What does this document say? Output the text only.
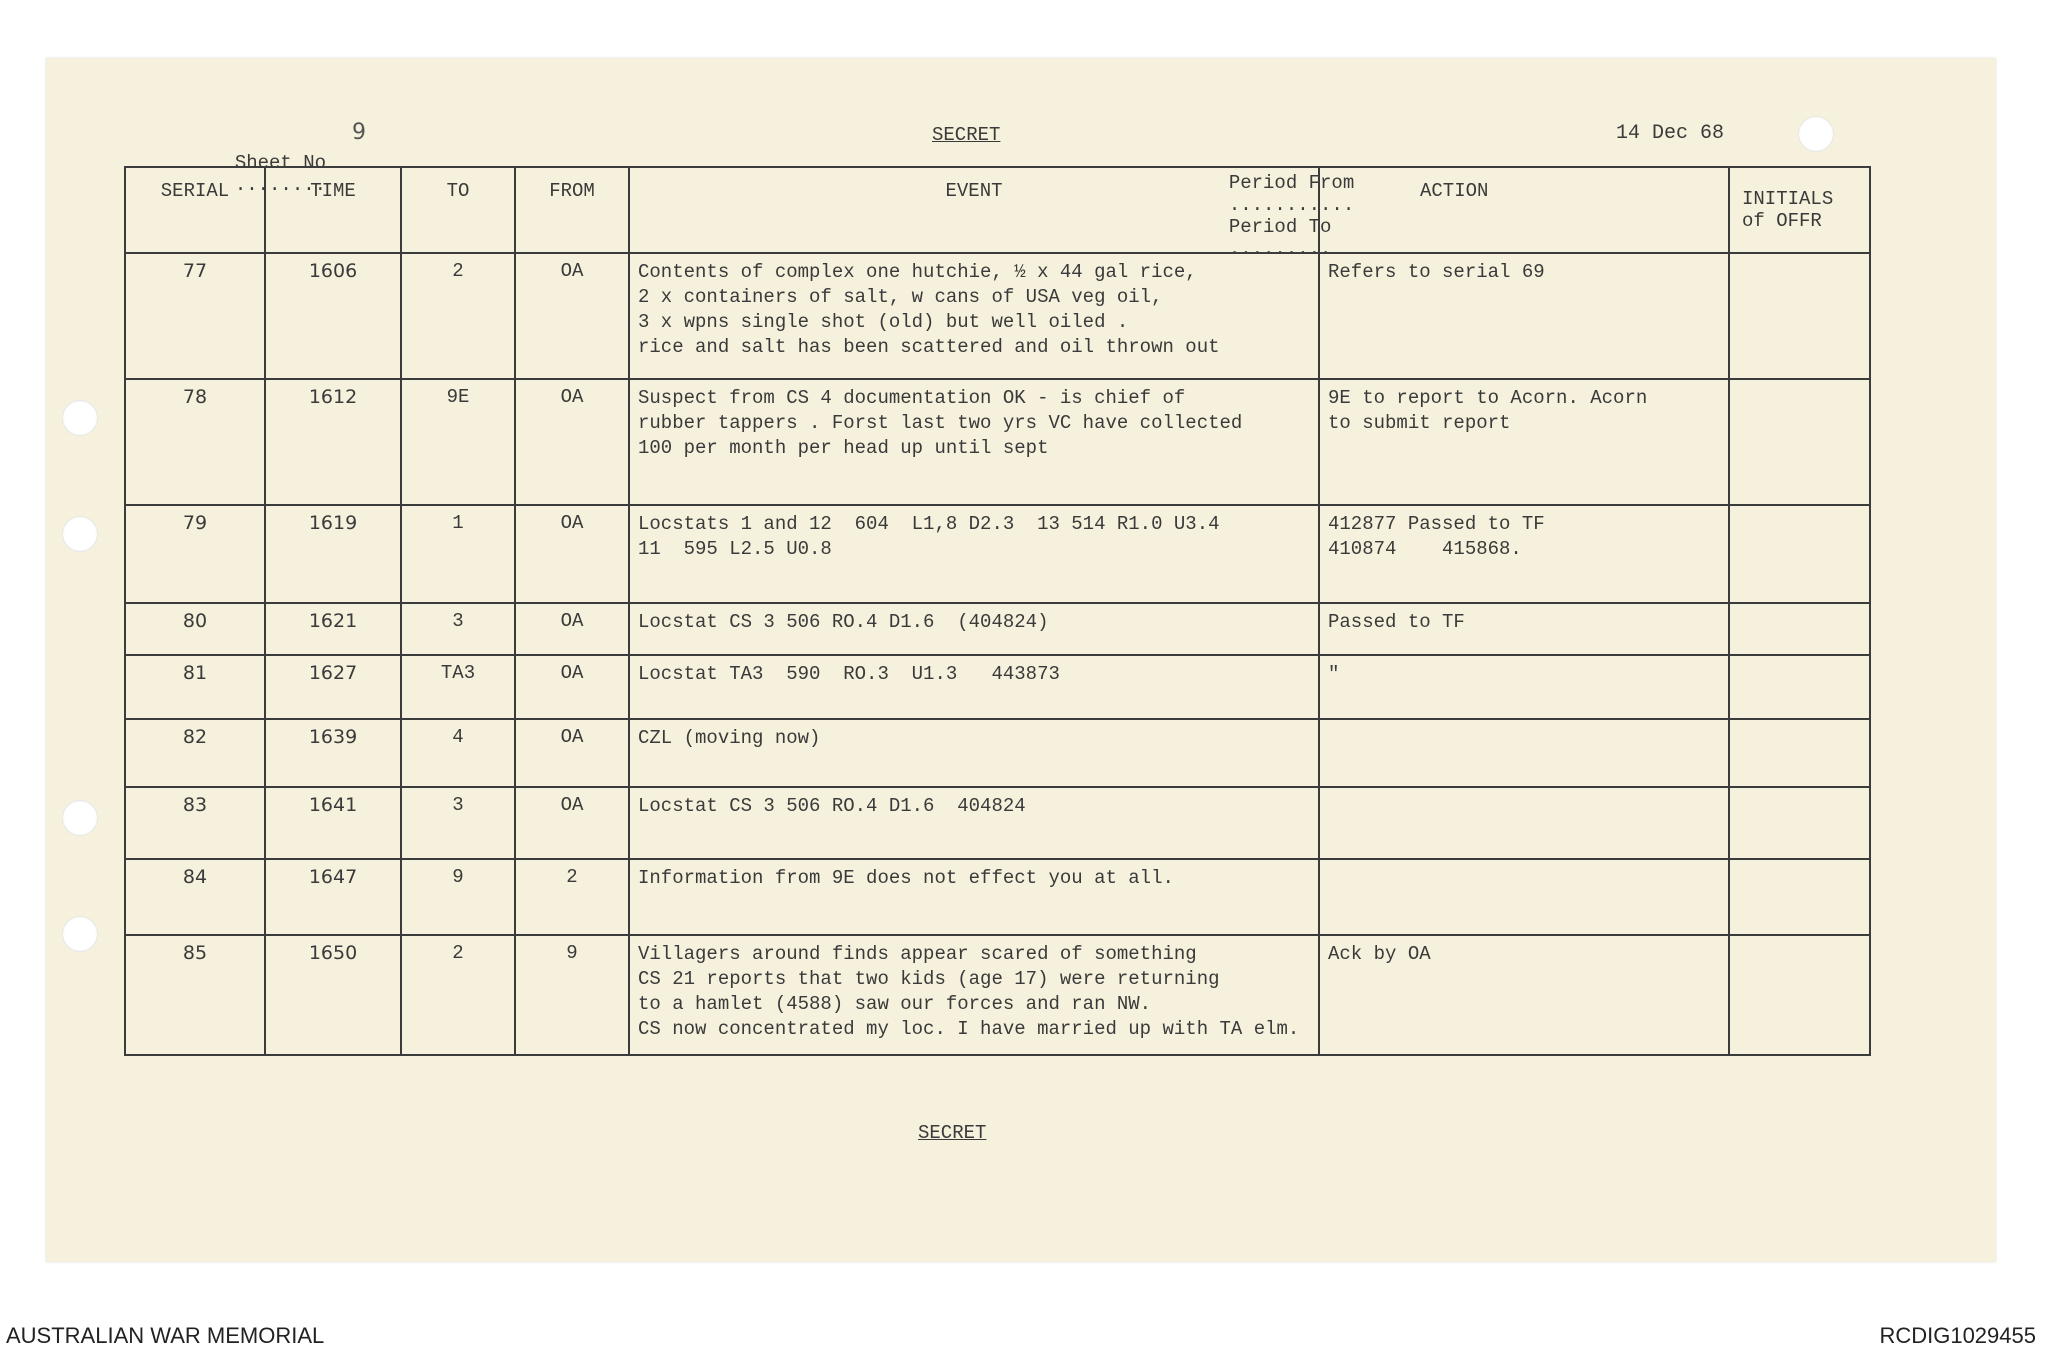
Sheet No
........

9	SECRET	14 Dec 68

Period From
...........
Period To
.........

SERIAL	TIME	TO	FROM	EVENT	ACTION	INITIALS of OFFR
77	1606	2	OA	Contents of complex one hutchie, ½ x 44 gal rice,
2 x containers of salt, w cans of USA veg oil,
3 x wpns single shot (old) but well oiled .
rice and salt has been scattered and oil thrown out	Refers to serial 69	
78	1612	9E	OA	Suspect from CS 4 documentation OK - is chief of
rubber tappers . Forst last two yrs VC have collected
100 per month per head up until sept	9E to report to Acorn. Acorn
to submit report	
79	1619	1	OA	Locstats 1 and 12  604  L1,8 D2.3  13 514 R1.0 U3.4
11  595 L2.5 U0.8	412877 Passed to TF
410874    415868.	
80	1621	3	OA	Locstat CS 3 506 RO.4 D1.6  (404824)	Passed to TF	
81	1627	TA3	OA	Locstat TA3  590  RO.3  U1.3   443873	"	
82	1639	4	OA	CZL (moving now)		
83	1641	3	OA	Locstat CS 3 506 RO.4 D1.6  404824		
84	1647	9	2	Information from 9E does not effect you at all.		
85	1650	2	9	Villagers around finds appear scared of something
CS 21 reports that two kids (age 17) were returning
to a hamlet (4588) saw our forces and ran NW.
CS now concentrated my loc. I have married up with TA elm.	Ack by OA	
SECRET
AUSTRALIAN WAR MEMORIAL	RCDIG1029455
